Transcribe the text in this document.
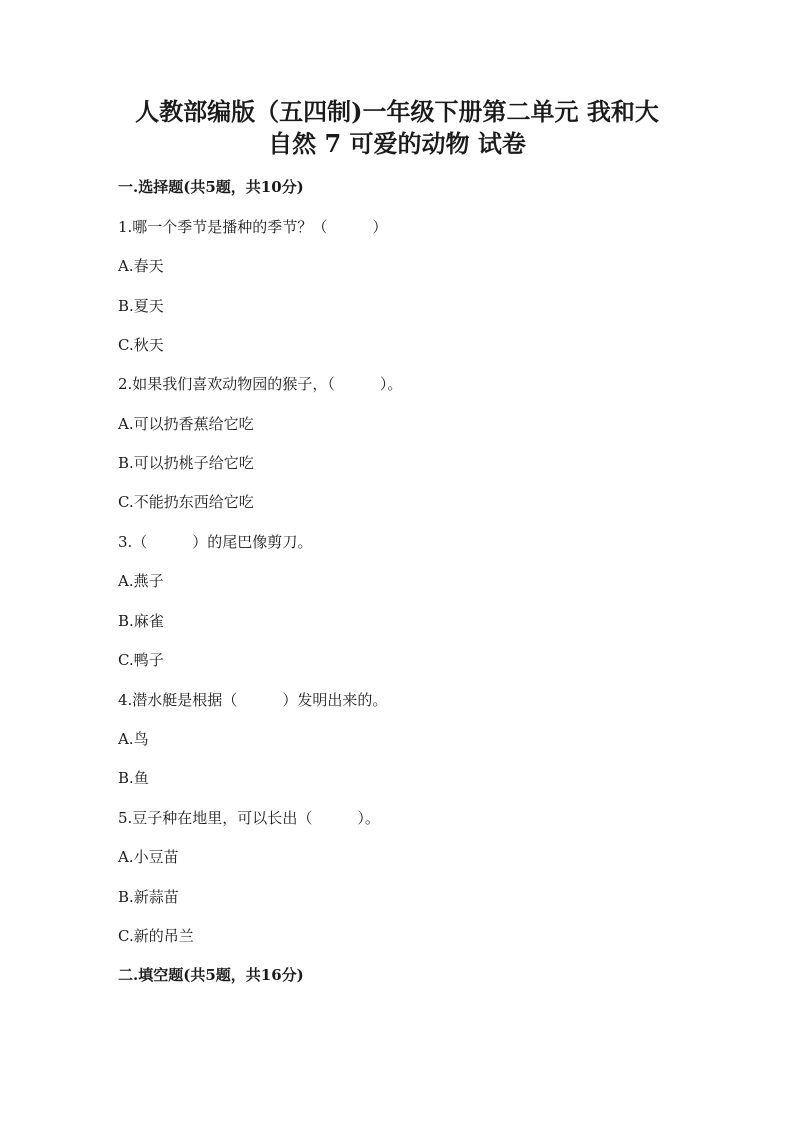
人教部编版（五四制)一年级下册第二单元 我和大
自然 7 可爱的动物 试卷
一.选择题(共5题，共10分)
1.哪一个季节是播种的季节？（　　　）
A.春天
B.夏天
C.秋天
2.如果我们喜欢动物园的猴子，（　　　）。
A.可以扔香蕉给它吃
B.可以扔桃子给它吃
C.不能扔东西给它吃
3.（　　　）的尾巴像剪刀。
A.燕子
B.麻雀
C.鸭子
4.潜水艇是根据（　　　）发明出来的。
A.鸟
B.鱼
5.豆子种在地里，可以长出（　　　）。
A.小豆苗
B.新蒜苗
C.新的吊兰
二.填空题(共5题，共16分)
